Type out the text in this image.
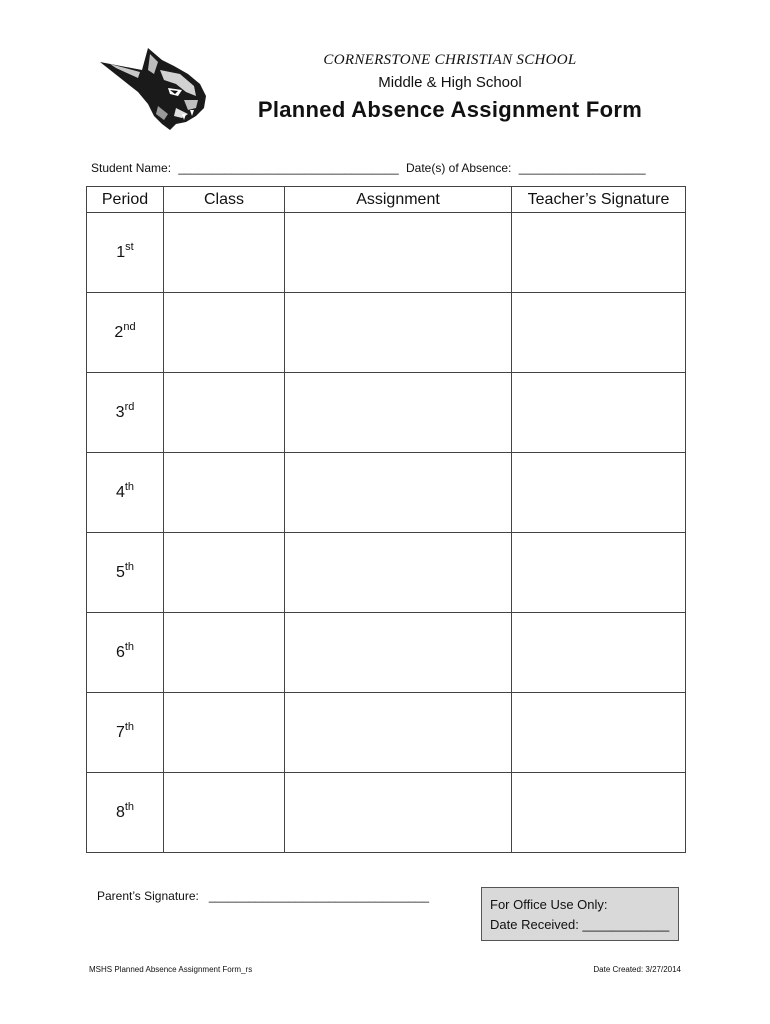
CORNERSTONE CHRISTIAN SCHOOL
Middle & High School
Planned Absence Assignment Form
Student Name: _________________________________ Date(s) of Absence: ___________________
Period	Class	Assignment	Teacher’s Signature
1st			
2nd			
3rd			
4th			
5th			
6th			
7th			
8th			
Parent’s Signature: _________________________________
For Office Use Only:
Date Received: ____________
MSHS Planned Absence Assignment Form_rs	Date Created: 3/27/2014
